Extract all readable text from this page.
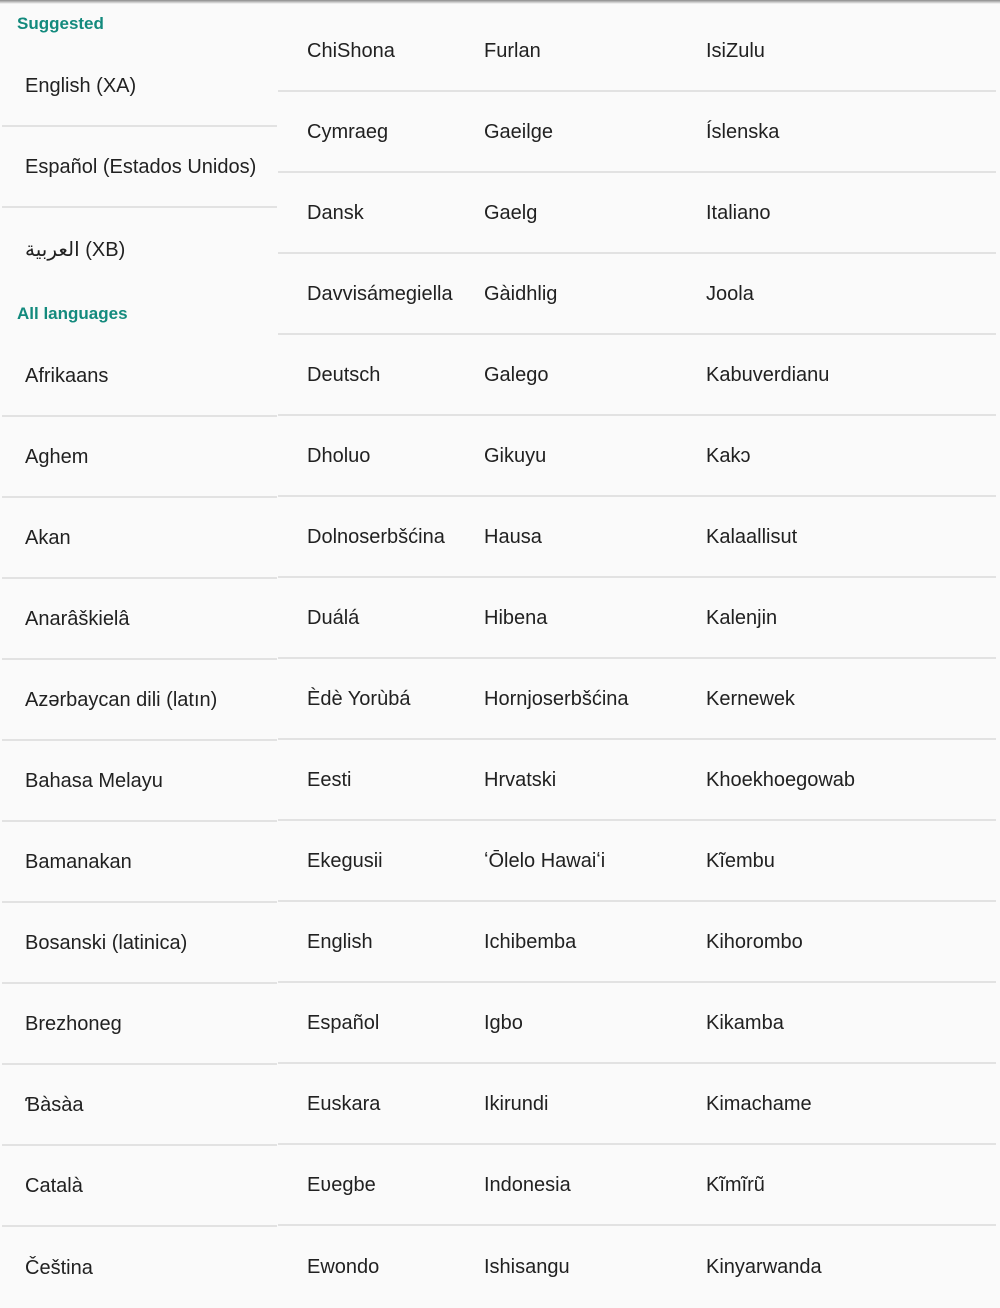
Suggested
All languages
English (XA)
Español (Estados Unidos)
‫العربية‬ (XB)
Afrikaans
Aghem
Akan
Anarâškielâ
Azərbaycan dili (latın)
Bahasa Melayu
Bamanakan
Bosanski (latinica)
Brezhoneg
Ɓàsàa
Català
Čeština
ChiShona
Cymraeg
Dansk
Davvisámegiella
Deutsch
Dholuo
Dolnoserbšćina
Duálá
Èdè Yorùbá
Eesti
Ekegusii
English
Español
Euskara
Eʋegbe
Ewondo
Furlan
Gaeilge
Gaelg
Gàidhlig
Galego
Gikuyu
Hausa
Hibena
Hornjoserbšćina
Hrvatski
ʻŌlelo Hawaiʻi
Ichibemba
Igbo
Ikirundi
Indonesia
Ishisangu
IsiZulu
Íslenska
Italiano
Joola
Kabuverdianu
Kakɔ
Kalaallisut
Kalenjin
Kernewek
Khoekhoegowab
Kĩembu
Kihorombo
Kikamba
Kimachame
Kĩmĩrũ
Kinyarwanda
